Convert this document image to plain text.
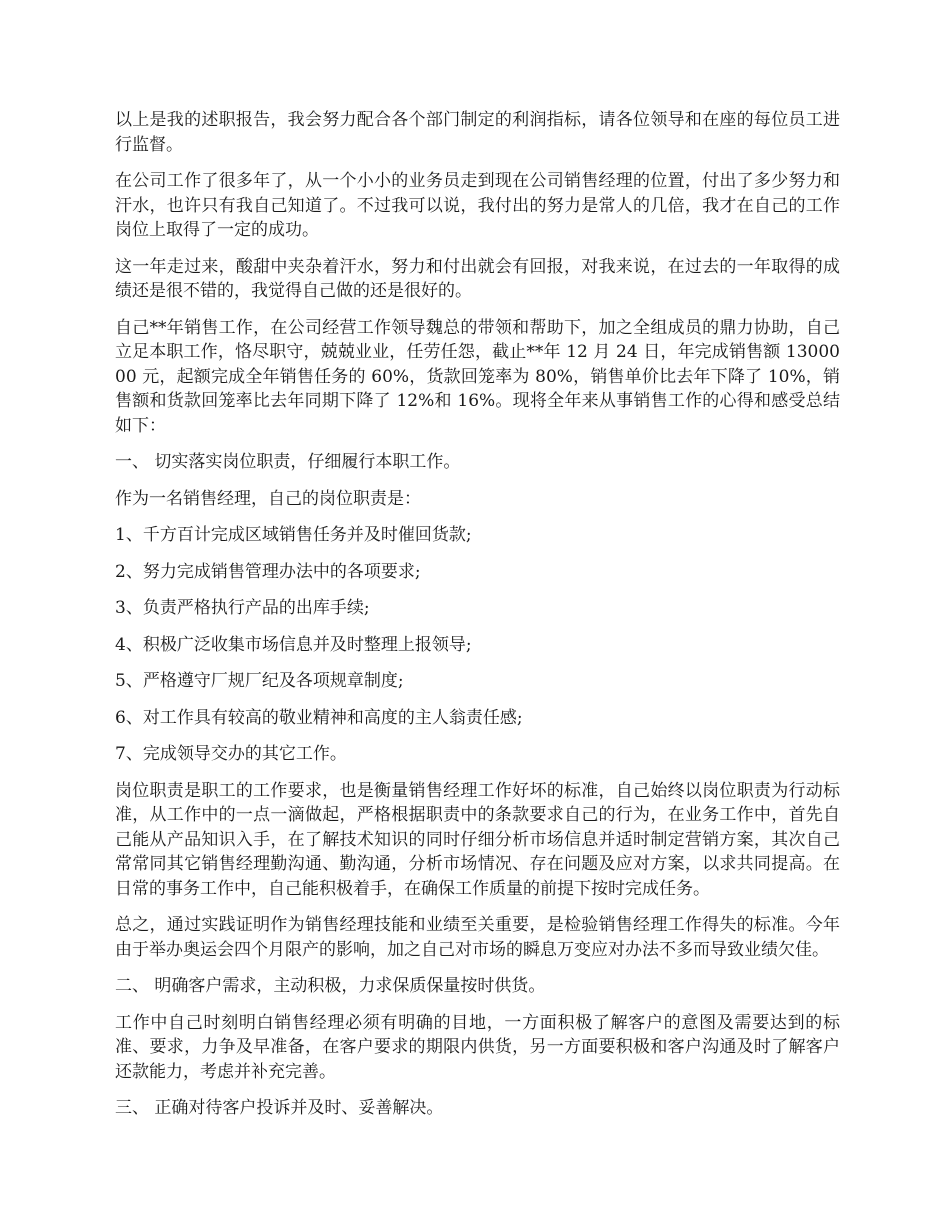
以上是我的述职报告，我会努力配合各个部门制定的利润指标，请各位领导和在座的每位员工进行监督。

在公司工作了很多年了，从一个小小的业务员走到现在公司销售经理的位置，付出了多少努力和汗水，也许只有我自己知道了。不过我可以说，我付出的努力是常人的几倍，我才在自己的工作岗位上取得了一定的成功。

这一年走过来，酸甜中夹杂着汗水，努力和付出就会有回报，对我来说，在过去的一年取得的成绩还是很不错的，我觉得自己做的还是很好的。

自己**年销售工作，在公司经营工作领导魏总的带领和帮助下，加之全组成员的鼎力协助，自己立足本职工作，恪尽职守，兢兢业业，任劳任怨，截止**年 12 月 24 日，年完成销售额 1300000 元，起额完成全年销售任务的 60%，货款回笼率为 80%，销售单价比去年下降了 10%，销售额和货款回笼率比去年同期下降了 12%和 16%。现将全年来从事销售工作的心得和感受总结如下：

一、 切实落实岗位职责，仔细履行本职工作。

作为一名销售经理，自己的岗位职责是：

1、千方百计完成区域销售任务并及时催回货款;

2、努力完成销售管理办法中的各项要求;

3、负责严格执行产品的出库手续;

4、积极广泛收集市场信息并及时整理上报领导;

5、严格遵守厂规厂纪及各项规章制度;

6、对工作具有较高的敬业精神和高度的主人翁责任感;

7、完成领导交办的其它工作。

岗位职责是职工的工作要求，也是衡量销售经理工作好坏的标准，自己始终以岗位职责为行动标准，从工作中的一点一滴做起，严格根据职责中的条款要求自己的行为，在业务工作中，首先自己能从产品知识入手，在了解技术知识的同时仔细分析市场信息并适时制定营销方案，其次自己常常同其它销售经理勤沟通、勤沟通，分析市场情况、存在问题及应对方案，以求共同提高。在日常的事务工作中，自己能积极着手，在确保工作质量的前提下按时完成任务。

总之，通过实践证明作为销售经理技能和业绩至关重要，是检验销售经理工作得失的标准。今年由于举办奥运会四个月限产的影响，加之自己对市场的瞬息万变应对办法不多而导致业绩欠佳。

二、 明确客户需求，主动积极，力求保质保量按时供货。

工作中自己时刻明白销售经理必须有明确的目地，一方面积极了解客户的意图及需要达到的标准、要求，力争及早准备，在客户要求的期限内供货，另一方面要积极和客户沟通及时了解客户还款能力，考虑并补充完善。

三、 正确对待客户投诉并及时、妥善解决。
